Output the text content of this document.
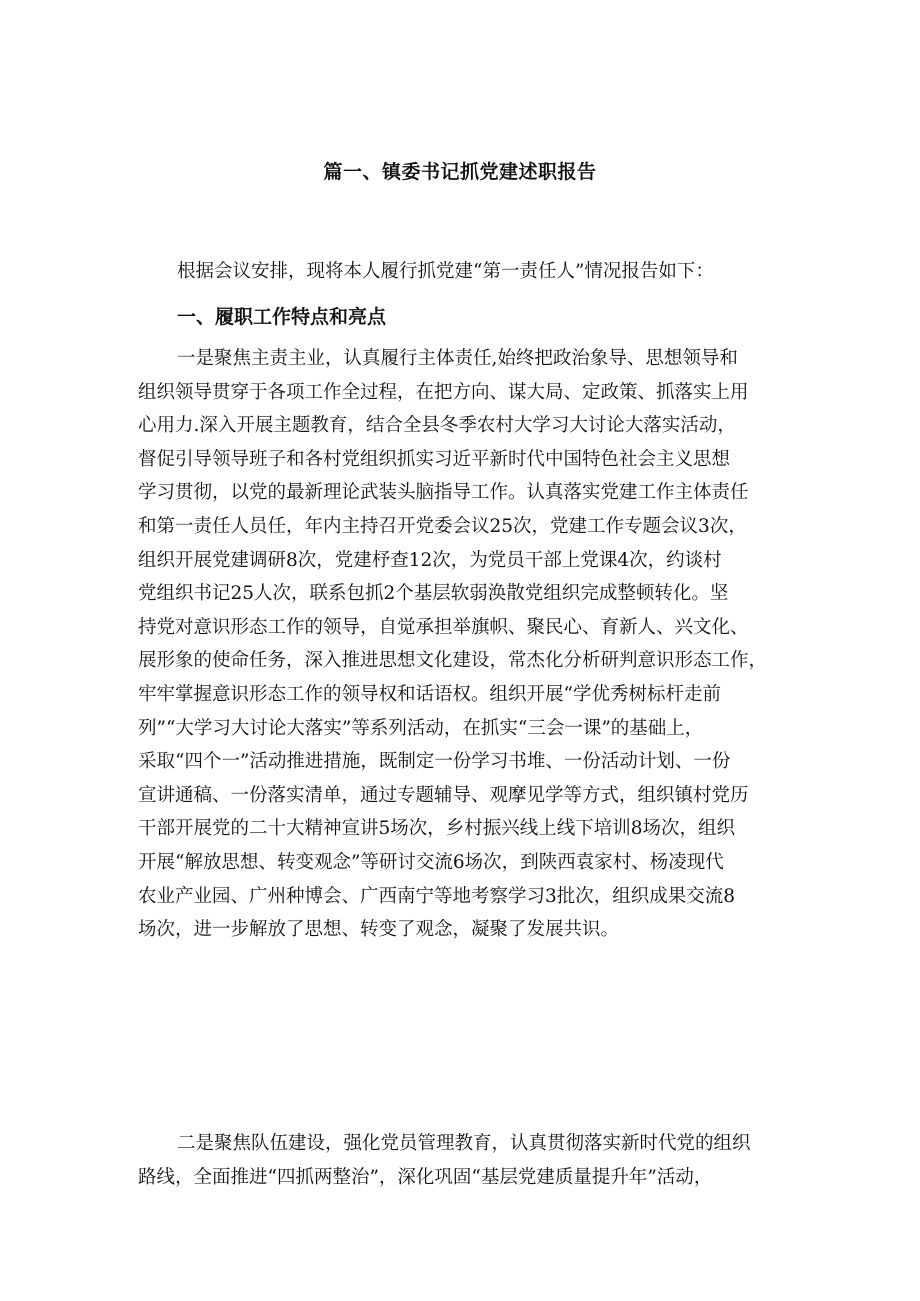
篇一、镇委书记抓党建述职报告
根据会议安排，现将本人履行抓党建“第一责任人”情况报告如下：
一、履职工作特点和亮点
一是聚焦主责主业，认真履行主体责任,始终把政治象导、思想领导和
组织领导贯穿于各项工作全过程，在把方向、谋大局、定政策、抓落实上用
心用力.深入开展主题教育，结合全县冬季农村大学习大讨论大落实活动，
督促引导领导班子和各村党组织抓实习近平新时代中国特色社会主义思想
学习贯彻，以党的最新理论武装头脑指导工作。认真落实党建工作主体责任
和第一责任人员任，年内主持召开党委会议25次，党建工作专题会议3次，
组织开展党建调研8次，党建杼查12次，为党员干部上党课4次，约谈村
党组织书记25人次，联系包抓2个基层软弱涣散党组织完成整顿转化。坚
持党对意识形态工作的领导，自觉承担举旗帜、聚民心、育新人、兴文化、
展形象的使命任务，深入推进思想文化建设，常杰化分析研判意识形态工作，
牢牢掌握意识形态工作的领导权和话语权。组织开展“学优秀树标杆走前
列”“大学习大讨论大落实”等系列活动，在抓实“三会一课”的基础上，
采取“四个一”活动推进措施，既制定一份学习书堆、一份活动计划、一份
宣讲通稿、一份落实清单，通过专题辅导、观摩见学等方式，组织镇村党历
干部开展党的二十大精神宣讲5场次，乡村振兴线上线下培训8场次，组织
开展“解放思想、转变观念”等研讨交流6场次，到陕西袁家村、杨凌现代
农业产业园、广州种博会、广西南宁等地考察学习3批次，组织成果交流8
场次，进一步解放了思想、转变了观念，凝聚了发展共识。
二是聚焦队伍建设，强化党员管理教育，认真贯彻落实新时代党的组织
路线，全面推进“四抓两整治”，深化巩固“基层党建质量提升年”活动，
